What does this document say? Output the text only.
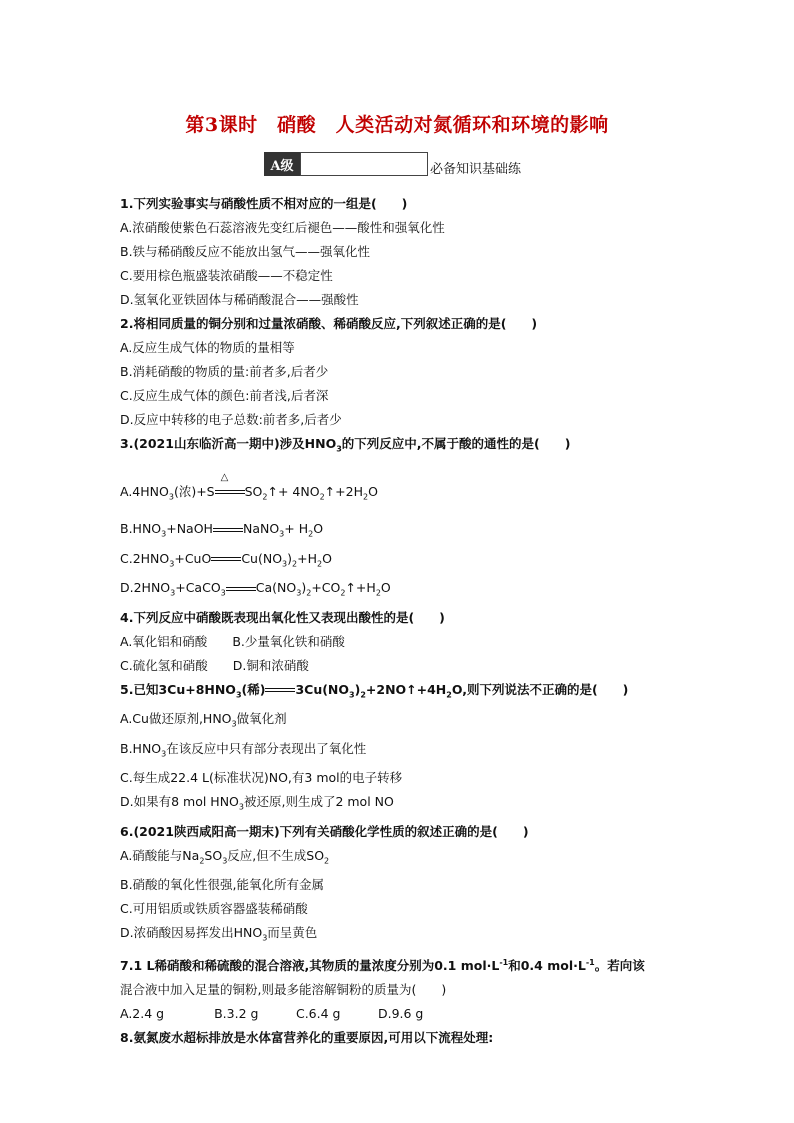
第3课时　硝酸　人类活动对氮循环和环境的影响
A级	必备知识基础练
1.下列实验事实与硝酸性质不相对应的一组是(　　)
A.浓硝酸使紫色石蕊溶液先变红后褪色——酸性和强氧化性
B.铁与稀硝酸反应不能放出氢气——强氧化性
C.要用棕色瓶盛装浓硝酸——不稳定性
D.氢氧化亚铁固体与稀硝酸混合——强酸性
2.将相同质量的铜分别和过量浓硝酸、稀硝酸反应,下列叙述正确的是(　　)
A.反应生成气体的物质的量相等
B.消耗硝酸的物质的量:前者多,后者少
C.反应生成气体的颜色:前者浅,后者深
D.反应中转移的电子总数:前者多,后者少
3.(2021山东临沂高一期中)涉及$HNO_3$的下列反应中,不属于酸的通性的是(　　)
$A.4HNO_3$(浓)+S
△
$SO_2↑+$ $4NO_2↑+2H_2O$
$B.HNO_3+NaOH$ NaNO$_3$+ $H_2O$
$C.2HNO_3+CuO$ $Cu(NO_3)_2+H_2O$
$D.2HNO_3+CaCO_3$ $Ca(NO_3)_2+CO_2↑+H_2O$
4.下列反应中硝酸既表现出氧化性又表现出酸性的是(　　)
A.氧化铝和硝酸　　 B.少量氧化铁和硝酸
C.硫化氢和硝酸　　 D.铜和浓硝酸
5.已知$3Cu+8HNO_3$(稀) $3Cu(NO_3)_2+2NO↑+4H_2O$,则下列说法不正确的是(　　)
A.Cu做还原剂$,HNO_3$做氧化剂
$B.HNO_3$在该反应中只有部分表现出了氧化性
C.每生成22.4 L(标准状况)NO,有3 mol的电子转移
D.如果有8 mol $HNO_3$被还原,则生成了2 mol NO
6.(2021陕西咸阳高一期末)下列有关硝酸化学性质的叙述正确的是(　　)
A.硝酸能与$Na_2SO_3$反应,但不生成$SO_2$
B.硝酸的氧化性很强,能氧化所有金属
C.可用铝质或铁质容器盛装稀硝酸
D.浓硝酸因易挥发出$HNO_3$而呈黄色
7.1 L稀硝酸和稀硫酸的混合溶液,其物质的量浓度分别为0.1 $mol\cdot L^{-1}$和0.4 $mol\cdot L^{-1}$。若向该
混合液中加入足量的铜粉,则最多能溶解铜粉的质量为(　　)
A.2.4 g　　　　	B.3.2 g　　　	C.6.4 g　　　	D.9.6 g
8.氨氮废水超标排放是水体富营养化的重要原因,可用以下流程处理:
